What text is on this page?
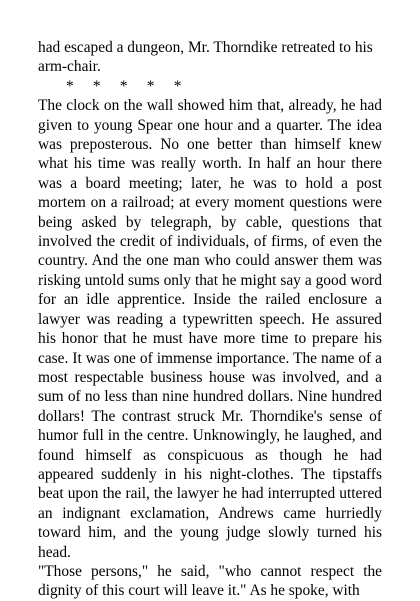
had escaped a dungeon, Mr. Thorndike retreated to his arm-chair.

*     *     *     *     *

The clock on the wall showed him that, already, he had given to young Spear one hour and a quarter. The idea was preposterous. No one better than himself knew what his time was really worth. In half an hour there was a board meeting; later, he was to hold a post mortem on a railroad; at every moment questions were being asked by telegraph, by cable, questions that involved the credit of individuals, of firms, of even the country. And the one man who could answer them was risking untold sums only that he might say a good word for an idle apprentice. Inside the railed enclosure a lawyer was reading a typewritten speech. He assured his honor that he must have more time to prepare his case. It was one of immense importance. The name of a most respectable business house was involved, and a sum of no less than nine hundred dollars. Nine hundred dollars! The contrast struck Mr. Thorndike's sense of humor full in the centre. Unknowingly, he laughed, and found himself as conspicuous as though he had appeared suddenly in his night-clothes. The tipstaffs beat upon the rail, the lawyer he had interrupted uttered an indignant exclamation, Andrews came hurriedly toward him, and the young judge slowly turned his head.

"Those persons," he said, "who cannot respect the dignity of this court will leave it." As he spoke, with
